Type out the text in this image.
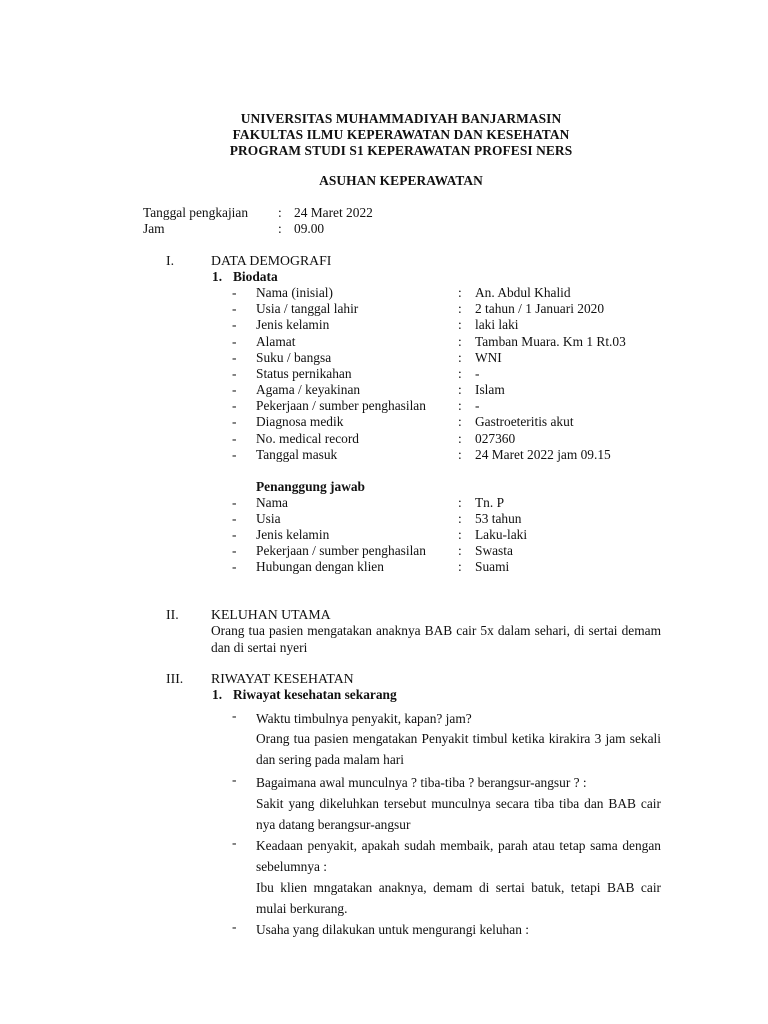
UNIVERSITAS MUHAMMADIYAH BANJARMASIN
FAKULTAS ILMU KEPERAWATAN DAN KESEHATAN
PROGRAM STUDI S1 KEPERAWATAN PROFESI NERS
ASUHAN KEPERAWATAN
Tanggal pengkajian : 24 Maret 2022
Jam	: 09.00
I.	DATA DEMOGRAFI
1. Biodata
- Nama (inisial)	: An. Abdul Khalid
- Usia / tanggal lahir	: 2 tahun / 1 Januari 2020
- Jenis kelamin	: laki laki
- Alamat	: Tamban Muara. Km 1 Rt.03
- Suku / bangsa	: WNI
- Status pernikahan	: -
- Agama / keyakinan	: Islam
- Pekerjaan / sumber penghasilan : -
- Diagnosa medik	: Gastroeteritis akut
- No. medical record	: 027360
- Tanggal masuk	: 24 Maret 2022 jam 09.15
Penanggung jawab
- Nama	: Tn. P
- Usia	: 53 tahun
- Jenis kelamin	: Laku-laki
- Pekerjaan / sumber penghasilan : Swasta
- Hubungan dengan klien	: Suami
II. KELUHAN UTAMA
Orang tua pasien mengatakan anaknya BAB cair 5x dalam sehari, di sertai demam dan di sertai nyeri
III. RIWAYAT KESEHATAN
1. Riwayat kesehatan sekarang
- Waktu timbulnya penyakit, kapan? jam?
Orang tua pasien mengatakan Penyakit timbul ketika kirakira 3 jam sekali dan sering pada malam hari
- Bagaimana awal munculnya ? tiba-tiba ? berangsur-angsur ? :
Sakit yang dikeluhkan tersebut munculnya secara tiba tiba dan BAB cair nya datang berangsur-angsur
- Keadaan penyakit, apakah sudah membaik, parah atau tetap sama dengan sebelumnya :
Ibu klien mngatakan anaknya, demam di sertai batuk, tetapi BAB cair mulai berkurang.
- Usaha yang dilakukan untuk mengurangi keluhan :
